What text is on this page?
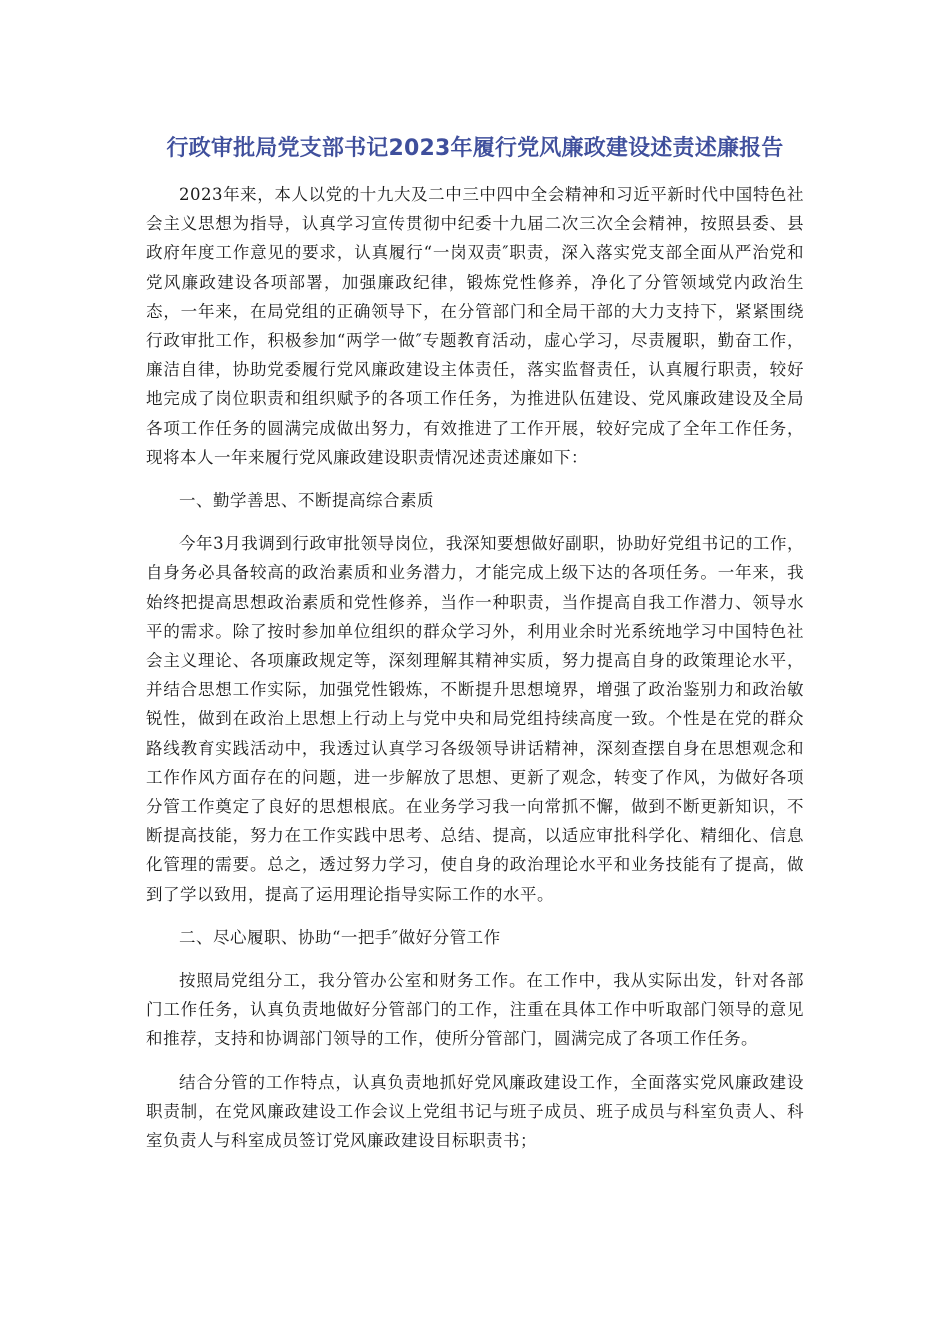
行政审批局党支部书记2023年履行党风廉政建设述责述廉报告

2023年来，本人以党的十九大及二中三中四中全会精神和习近平新时代中国特色社会主义思想为指导，认真学习宣传贯彻中纪委十九届二次三次全会精神，按照县委、县政府年度工作意见的要求，认真履行“一岗双责″职责，深入落实党支部全面从严治党和党风廉政建设各项部署，加强廉政纪律，锻炼党性修养，净化了分管领域党内政治生态，一年来，在局党组的正确领导下，在分管部门和全局干部的大力支持下，紧紧围绕行政审批工作，积极参加“两学一做″专题教育活动，虚心学习，尽责履职，勤奋工作，廉洁自律，协助党委履行党风廉政建设主体责任，落实监督责任，认真履行职责，较好地完成了岗位职责和组织赋予的各项工作任务，为推进队伍建设、党风廉政建设及全局各项工作任务的圆满完成做出努力，有效推进了工作开展，较好完成了全年工作任务，现将本人一年来履行党风廉政建设职责情况述责述廉如下：

一、勤学善思、不断提高综合素质

今年3月我调到行政审批领导岗位，我深知要想做好副职，协助好党组书记的工作，自身务必具备较高的政治素质和业务潜力，才能完成上级下达的各项任务。一年来，我始终把提高思想政治素质和党性修养，当作一种职责，当作提高自我工作潜力、领导水平的需求。除了按时参加单位组织的群众学习外，利用业余时光系统地学习中国特色社会主义理论、各项廉政规定等，深刻理解其精神实质，努力提高自身的政策理论水平，并结合思想工作实际，加强党性锻炼，不断提升思想境界，增强了政治鉴别力和政治敏锐性，做到在政治上思想上行动上与党中央和局党组持续高度一致。个性是在党的群众路线教育实践活动中，我透过认真学习各级领导讲话精神，深刻查摆自身在思想观念和工作作风方面存在的问题，进一步解放了思想、更新了观念，转变了作风，为做好各项分管工作奠定了良好的思想根底。在业务学习我一向常抓不懈，做到不断更新知识，不断提高技能，努力在工作实践中思考、总结、提高，以适应审批科学化、精细化、信息化管理的需要。总之，透过努力学习，使自身的政治理论水平和业务技能有了提高，做到了学以致用，提高了运用理论指导实际工作的水平。

二、尽心履职、协助“一把手″做好分管工作

按照局党组分工，我分管办公室和财务工作。在工作中，我从实际出发，针对各部门工作任务，认真负责地做好分管部门的工作，注重在具体工作中听取部门领导的意见和推荐，支持和协调部门领导的工作，使所分管部门，圆满完成了各项工作任务。

结合分管的工作特点，认真负责地抓好党风廉政建设工作，全面落实党风廉政建设职责制，在党风廉政建设工作会议上党组书记与班子成员、班子成员与科室负责人、科室负责人与科室成员签订党风廉政建设目标职责书；
